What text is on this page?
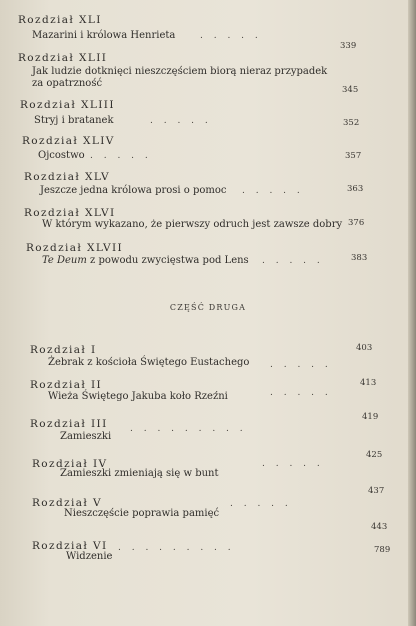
Rozdział XLI
Mazarini i królowa Henrieta	. . . . .
339
Rozdział XLII
Jak ludzie dotknięci nieszczęściem biorą nieraz przypadek
za opatrzność
345
Rozdział XLIII
Stryj i bratanek	. . . . .	352
Rozdział XLIV
Ojcostwo . . . . .	357
Rozdział XLV
Jeszcze jedna królowa prosi o pomoc . . . . .	363
Rozdział XLVI
W którym wykazano, że pierwszy odruch jest zawsze dobry 376
Rozdział XLVII
Te Deum z powodu zwycięstwa pod Lens . . . . .	383
CZĘŚĆ DRUGA
Rozdział I
Żebrak z kościoła Świętego Eustachego . . . . .
403
Rozdział II
Wieża Świętego Jakuba koło Rzeźni	. . . . .
413
Rozdział III
Zamieszki
. . . . . . . . .
419
Rozdział IV
Zamieszki zmieniają się w bunt
. . . . .
425
Rozdział V
Nieszczęście poprawia pamięć
. . . . .
437
Rozdział VI
Widzenie
. . . . . . . . .
443
789
